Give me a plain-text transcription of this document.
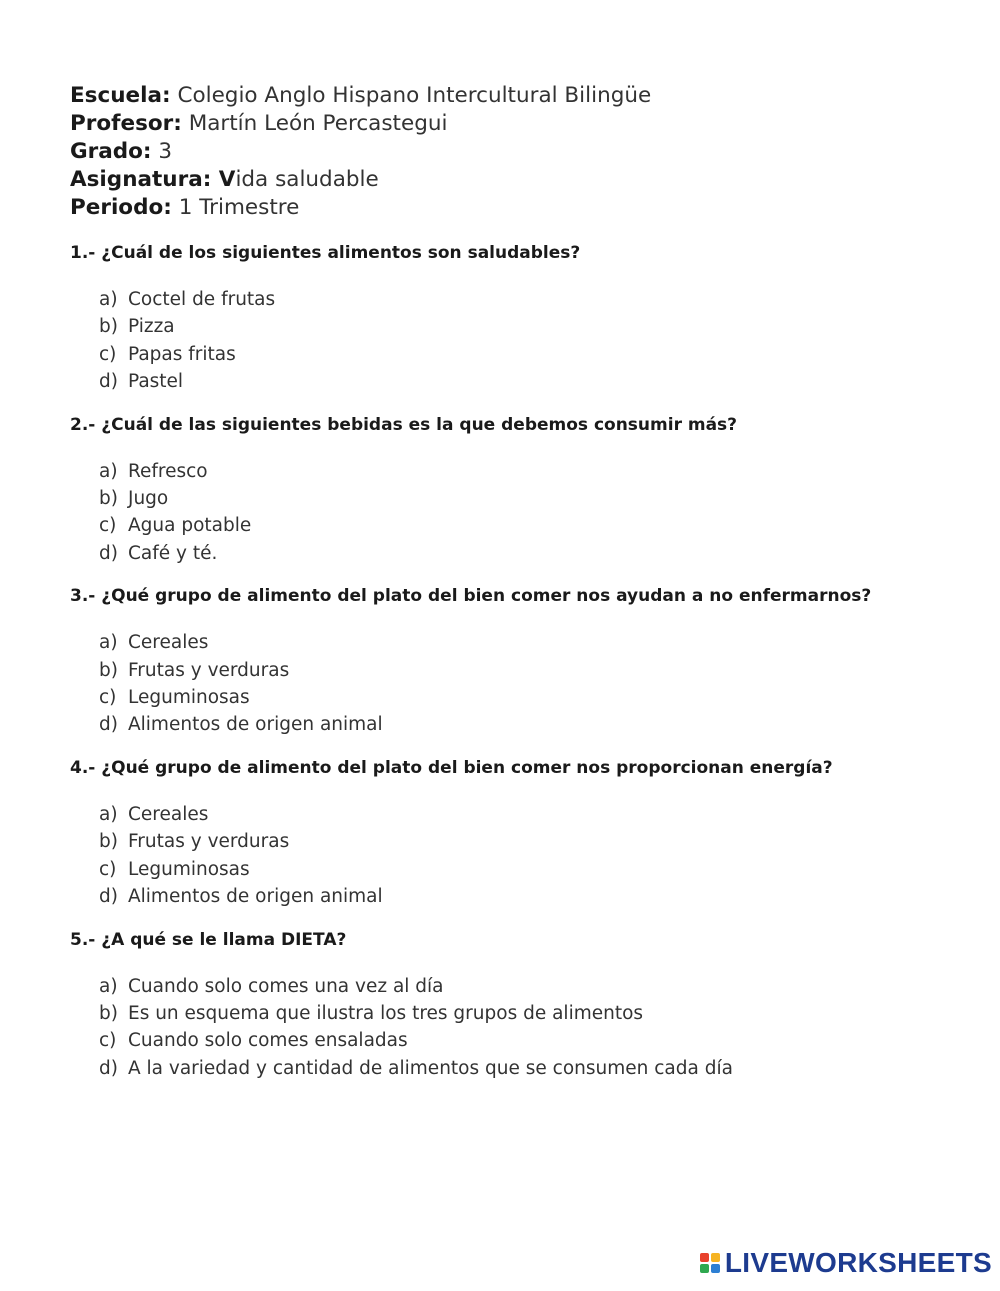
Escuela: Colegio Anglo Hispano Intercultural Bilingüe
Profesor: Martín León Percastegui
Grado: 3
Asignatura: Vida saludable
Periodo: 1 Trimestre

1.- ¿Cuál de los siguientes alimentos son saludables?

a) Coctel de frutas
b) Pizza
c) Papas fritas
d) Pastel

2.- ¿Cuál de las siguientes bebidas es la que debemos consumir más?

a) Refresco
b) Jugo
c) Agua potable
d) Café y té.

3.- ¿Qué grupo de alimento del plato del bien comer nos ayudan a no enfermarnos?

a) Cereales
b) Frutas y verduras
c) Leguminosas
d) Alimentos de origen animal

4.- ¿Qué grupo de alimento del plato del bien comer nos proporcionan energía?

a) Cereales
b) Frutas y verduras
c) Leguminosas
d) Alimentos de origen animal

5.- ¿A qué se le llama DIETA?

a) Cuando solo comes una vez al día
b) Es un esquema que ilustra los tres grupos de alimentos
c) Cuando solo comes ensaladas
d) A la variedad y cantidad de alimentos que se consumen cada día
LIVEWORKSHEETS
